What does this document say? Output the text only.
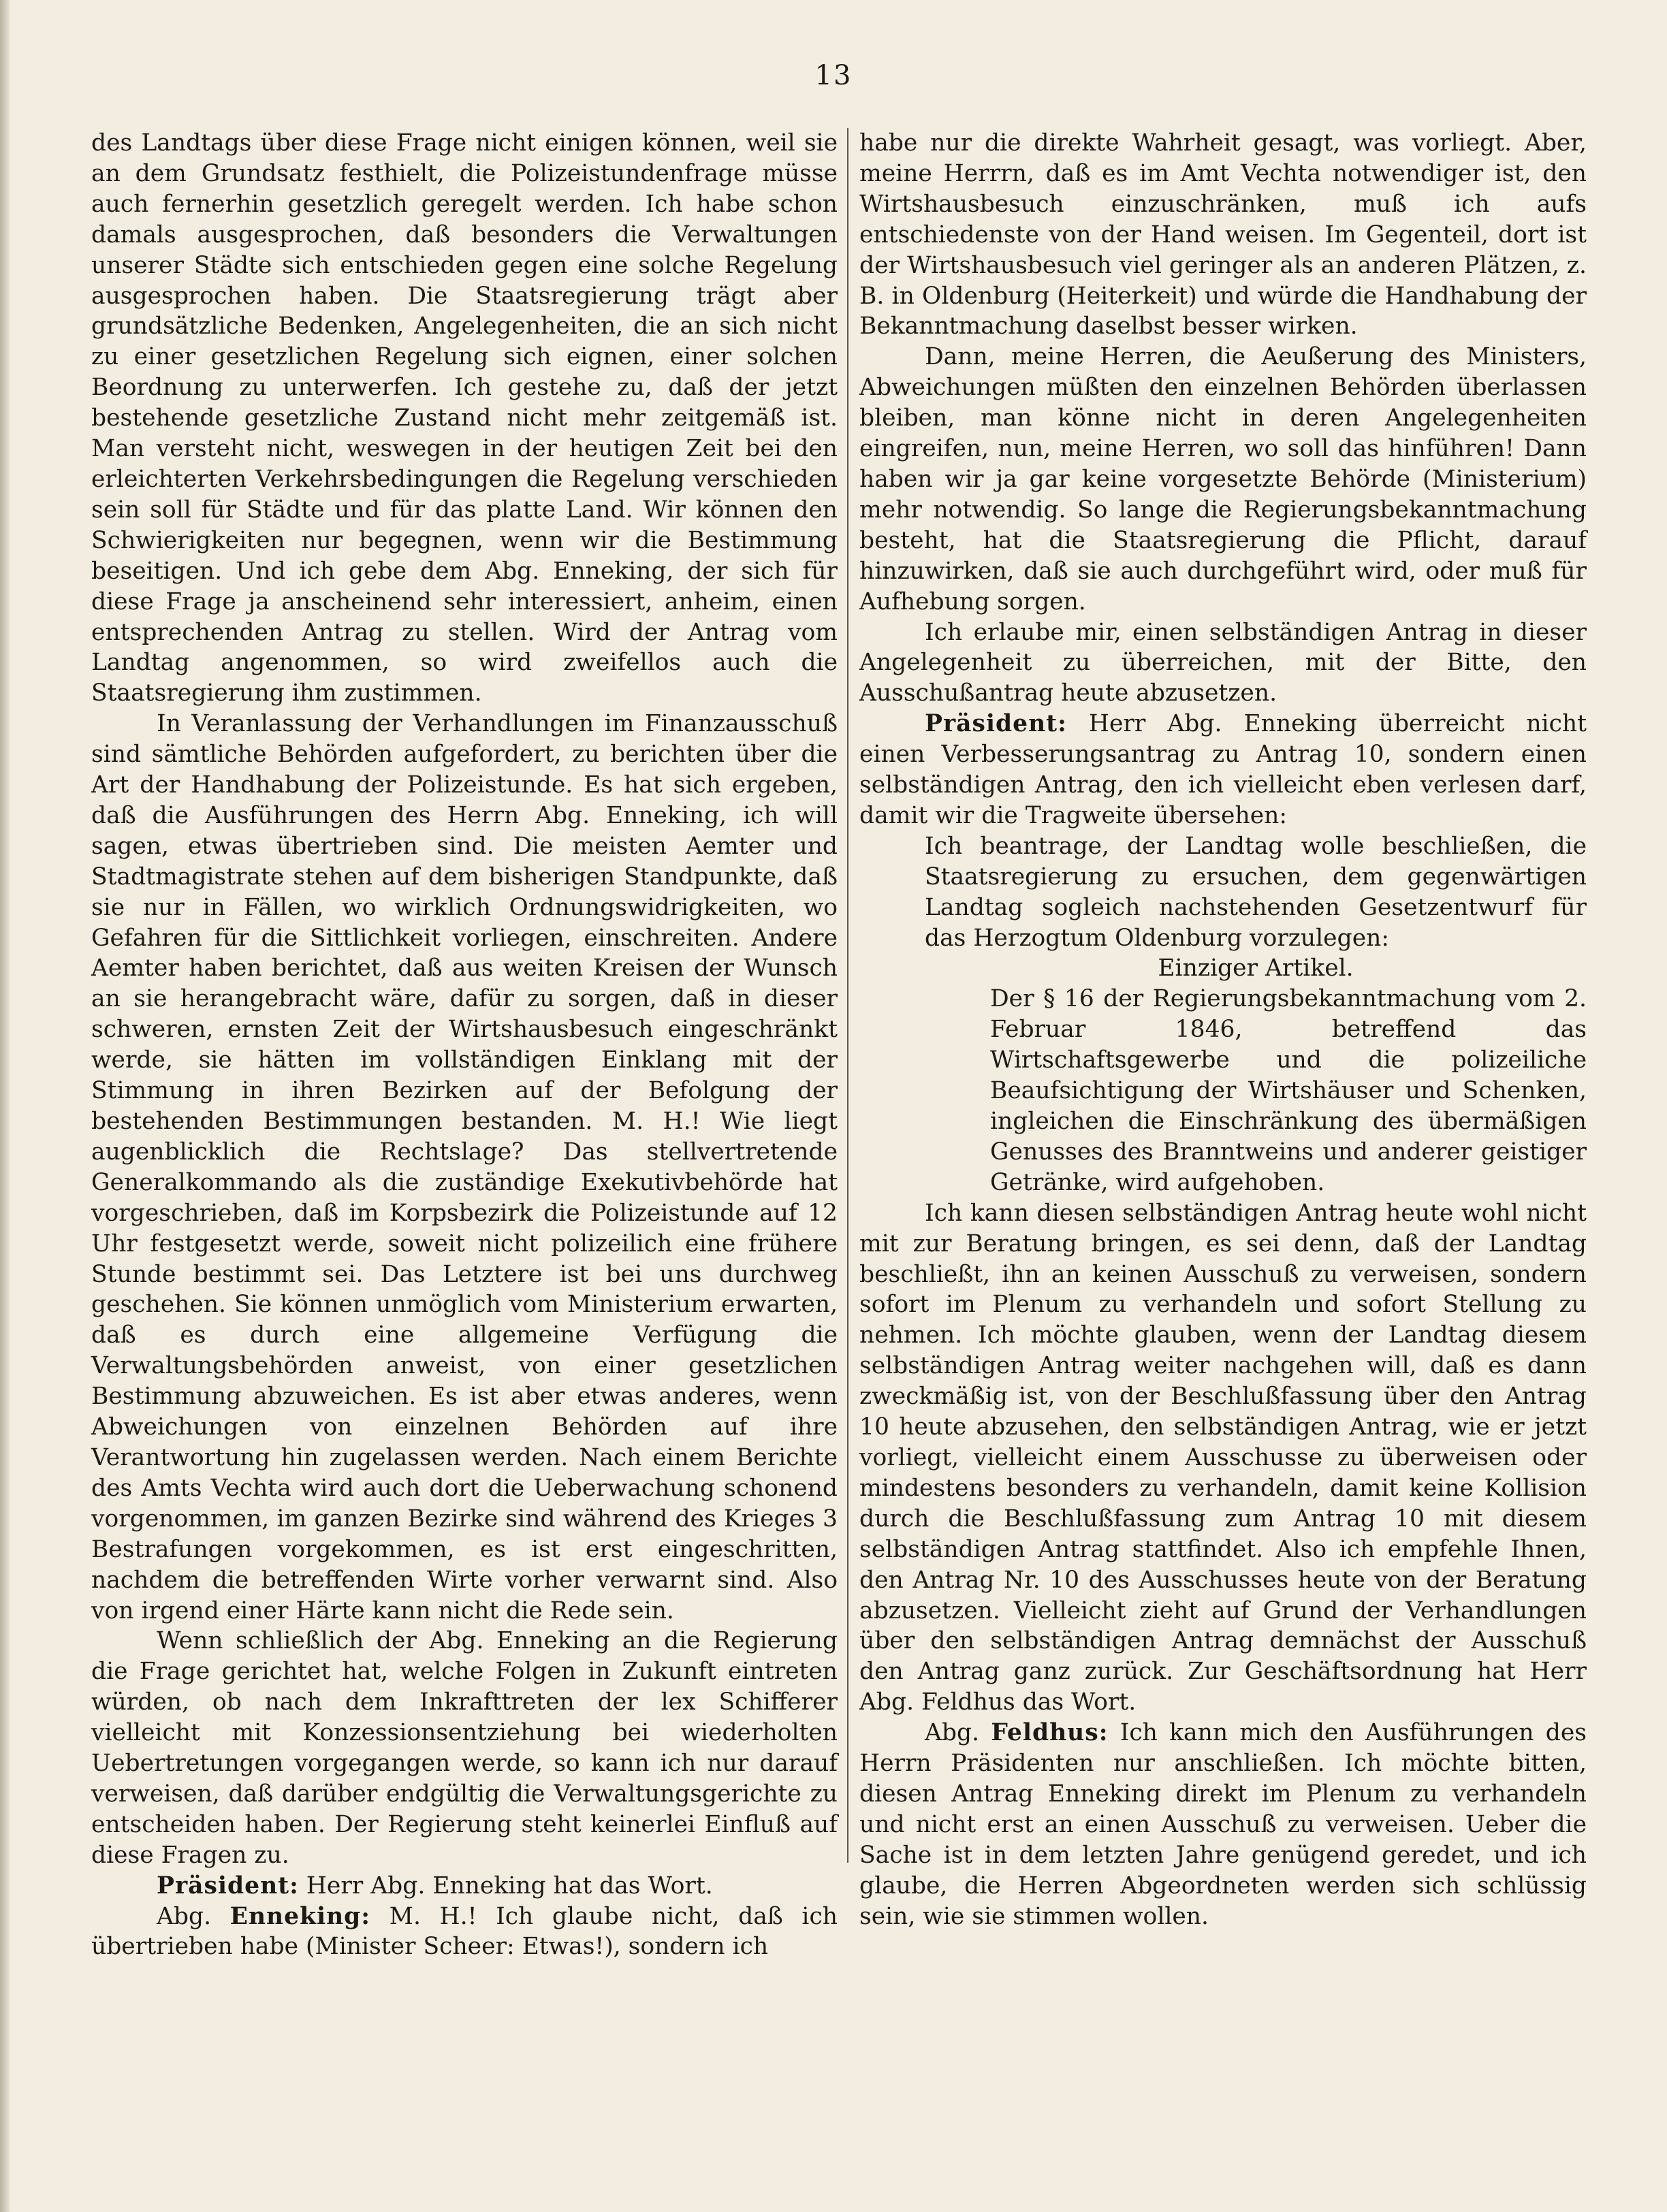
13

des Landtags über diese Frage nicht einigen können, weil sie an dem Grundsatz festhielt, die Polizeistundenfrage müsse auch fernerhin gesetzlich geregelt werden. Ich habe schon damals ausgesprochen, daß besonders die Verwaltungen unserer Städte sich entschieden gegen eine solche Regelung ausgesprochen haben. Die Staatsregierung trägt aber grundsätzliche Bedenken, Angelegenheiten, die an sich nicht zu einer gesetzlichen Regelung sich eignen, einer solchen Beordnung zu unterwerfen. Ich gestehe zu, daß der jetzt bestehende gesetzliche Zustand nicht mehr zeitgemäß ist. Man versteht nicht, weswegen in der heutigen Zeit bei den erleichterten Verkehrsbedingungen die Regelung verschieden sein soll für Städte und für das platte Land. Wir können den Schwierigkeiten nur begegnen, wenn wir die Bestimmung beseitigen. Und ich gebe dem Abg. Enneking, der sich für diese Frage ja anscheinend sehr interessiert, anheim, einen entsprechenden Antrag zu stellen. Wird der Antrag vom Landtag angenommen, so wird zweifellos auch die Staatsregierung ihm zustimmen.

In Veranlassung der Verhandlungen im Finanzausschuß sind sämtliche Behörden aufgefordert, zu berichten über die Art der Handhabung der Polizeistunde. Es hat sich ergeben, daß die Ausführungen des Herrn Abg. Enneking, ich will sagen, etwas übertrieben sind. Die meisten Aemter und Stadtmagistrate stehen auf dem bisherigen Standpunkte, daß sie nur in Fällen, wo wirklich Ordnungswidrigkeiten, wo Gefahren für die Sittlichkeit vorliegen, einschreiten. Andere Aemter haben berichtet, daß aus weiten Kreisen der Wunsch an sie herangebracht wäre, dafür zu sorgen, daß in dieser schweren, ernsten Zeit der Wirtshausbesuch eingeschränkt werde, sie hätten im vollständigen Einklang mit der Stimmung in ihren Bezirken auf der Befolgung der bestehenden Bestimmungen bestanden. M. H.! Wie liegt augenblicklich die Rechtslage? Das stellvertretende Generalkommando als die zuständige Exekutivbehörde hat vorgeschrieben, daß im Korpsbezirk die Polizeistunde auf 12 Uhr festgesetzt werde, soweit nicht polizeilich eine frühere Stunde bestimmt sei. Das Letztere ist bei uns durchweg geschehen. Sie können unmöglich vom Ministerium erwarten, daß es durch eine allgemeine Verfügung die Verwaltungsbehörden anweist, von einer gesetzlichen Bestimmung abzuweichen. Es ist aber etwas anderes, wenn Abweichungen von einzelnen Behörden auf ihre Verantwortung hin zugelassen werden. Nach einem Berichte des Amts Vechta wird auch dort die Ueberwachung schonend vorgenommen, im ganzen Bezirke sind während des Krieges 3 Bestrafungen vorgekommen, es ist erst eingeschritten, nachdem die betreffenden Wirte vorher verwarnt sind. Also von irgend einer Härte kann nicht die Rede sein.

Wenn schließlich der Abg. Enneking an die Regierung die Frage gerichtet hat, welche Folgen in Zukunft eintreten würden, ob nach dem Inkrafttreten der lex Schifferer vielleicht mit Konzessionsentziehung bei wiederholten Uebertretungen vorgegangen werde, so kann ich nur darauf verweisen, daß darüber endgültig die Verwaltungsgerichte zu entscheiden haben. Der Regierung steht keinerlei Einfluß auf diese Fragen zu.

Präsident: Herr Abg. Enneking hat das Wort.

Abg. Enneking: M. H.! Ich glaube nicht, daß ich übertrieben habe (Minister Scheer: Etwas!), sondern ich

habe nur die direkte Wahrheit gesagt, was vorliegt. Aber, meine Herrrn, daß es im Amt Vechta notwendiger ist, den Wirtshausbesuch einzuschränken, muß ich aufs entschiedenste von der Hand weisen. Im Gegenteil, dort ist der Wirtshausbesuch viel geringer als an anderen Plätzen, z. B. in Oldenburg (Heiterkeit) und würde die Handhabung der Bekanntmachung daselbst besser wirken.

Dann, meine Herren, die Aeußerung des Ministers, Abweichungen müßten den einzelnen Behörden überlassen bleiben, man könne nicht in deren Angelegenheiten eingreifen, nun, meine Herren, wo soll das hinführen! Dann haben wir ja gar keine vorgesetzte Behörde (Ministerium) mehr notwendig. So lange die Regierungsbekanntmachung besteht, hat die Staatsregierung die Pflicht, darauf hinzuwirken, daß sie auch durchgeführt wird, oder muß für Aufhebung sorgen.

Ich erlaube mir, einen selbständigen Antrag in dieser Angelegenheit zu überreichen, mit der Bitte, den Ausschußantrag heute abzusetzen.

Präsident: Herr Abg. Enneking überreicht nicht einen Verbesserungsantrag zu Antrag 10, sondern einen selbständigen Antrag, den ich vielleicht eben verlesen darf, damit wir die Tragweite übersehen:

Ich beantrage, der Landtag wolle beschließen, die Staatsregierung zu ersuchen, dem gegenwärtigen Landtag sogleich nachstehenden Gesetzentwurf für das Herzogtum Oldenburg vorzulegen:

Einziger Artikel.

Der § 16 der Regierungsbekanntmachung vom 2. Februar 1846, betreffend das Wirtschaftsgewerbe und die polizeiliche Beaufsichtigung der Wirtshäuser und Schenken, ingleichen die Einschränkung des übermäßigen Genusses des Branntweins und anderer geistiger Getränke, wird aufgehoben.

Ich kann diesen selbständigen Antrag heute wohl nicht mit zur Beratung bringen, es sei denn, daß der Landtag beschließt, ihn an keinen Ausschuß zu verweisen, sondern sofort im Plenum zu verhandeln und sofort Stellung zu nehmen. Ich möchte glauben, wenn der Landtag diesem selbständigen Antrag weiter nachgehen will, daß es dann zweckmäßig ist, von der Beschlußfassung über den Antrag 10 heute abzusehen, den selbständigen Antrag, wie er jetzt vorliegt, vielleicht einem Ausschusse zu überweisen oder mindestens besonders zu verhandeln, damit keine Kollision durch die Beschlußfassung zum Antrag 10 mit diesem selbständigen Antrag stattfindet. Also ich empfehle Ihnen, den Antrag Nr. 10 des Ausschusses heute von der Beratung abzusetzen. Vielleicht zieht auf Grund der Verhandlungen über den selbständigen Antrag demnächst der Ausschuß den Antrag ganz zurück. Zur Geschäftsordnung hat Herr Abg. Feldhus das Wort.

Abg. Feldhus: Ich kann mich den Ausführungen des Herrn Präsidenten nur anschließen. Ich möchte bitten, diesen Antrag Enneking direkt im Plenum zu verhandeln und nicht erst an einen Ausschuß zu verweisen. Ueber die Sache ist in dem letzten Jahre genügend geredet, und ich glaube, die Herren Abgeordneten werden sich schlüssig sein, wie sie stimmen wollen.
